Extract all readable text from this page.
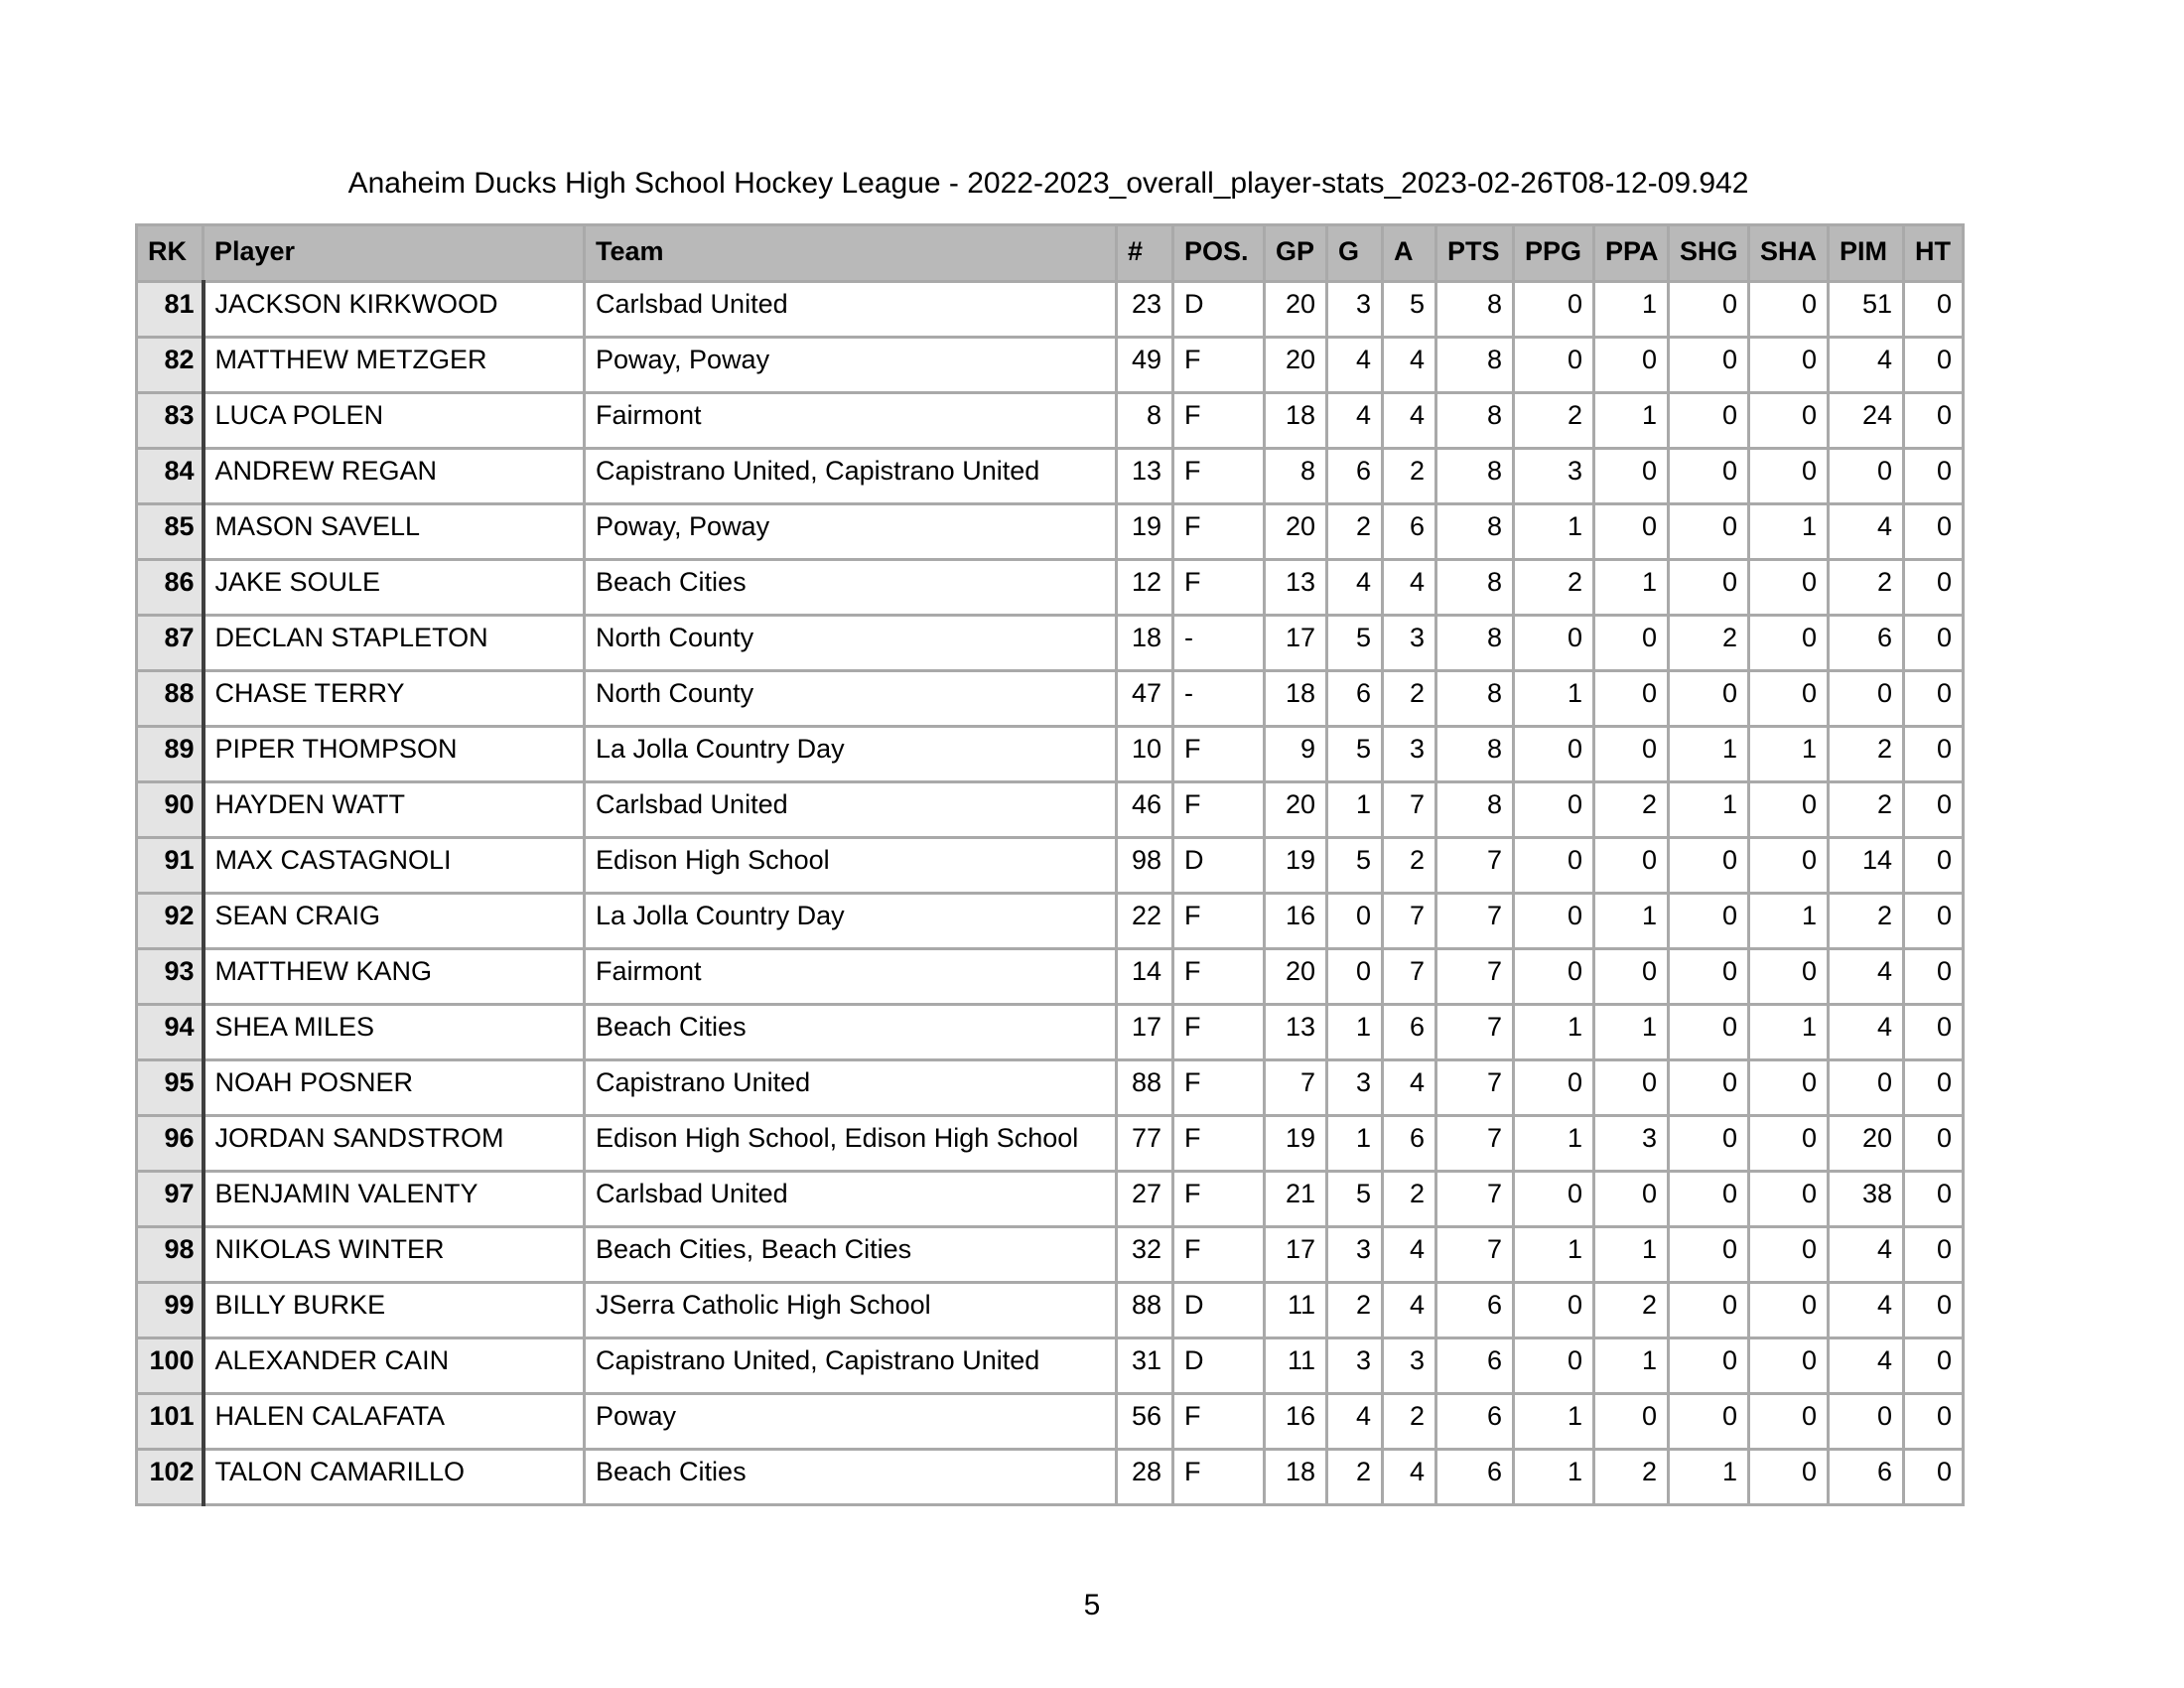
Anaheim Ducks High School Hockey League - 2022-2023_overall_player-stats_2023-02-26T08-12-09.942
RK	Player	Team	#	POS.	GP	G	A	PTS	PPG	PPA	SHG	SHA	PIM	HT
81	JACKSON KIRKWOOD	Carlsbad United	23	D	20	3	5	8	0	1	0	0	51	0
82	MATTHEW METZGER	Poway, Poway	49	F	20	4	4	8	0	0	0	0	4	0
83	LUCA POLEN	Fairmont	8	F	18	4	4	8	2	1	0	0	24	0
84	ANDREW REGAN	Capistrano United, Capistrano United	13	F	8	6	2	8	3	0	0	0	0	0
85	MASON SAVELL	Poway, Poway	19	F	20	2	6	8	1	0	0	1	4	0
86	JAKE SOULE	Beach Cities	12	F	13	4	4	8	2	1	0	0	2	0
87	DECLAN STAPLETON	North County	18	-	17	5	3	8	0	0	2	0	6	0
88	CHASE TERRY	North County	47	-	18	6	2	8	1	0	0	0	0	0
89	PIPER THOMPSON	La Jolla Country Day	10	F	9	5	3	8	0	0	1	1	2	0
90	HAYDEN WATT	Carlsbad United	46	F	20	1	7	8	0	2	1	0	2	0
91	MAX CASTAGNOLI	Edison High School	98	D	19	5	2	7	0	0	0	0	14	0
92	SEAN CRAIG	La Jolla Country Day	22	F	16	0	7	7	0	1	0	1	2	0
93	MATTHEW KANG	Fairmont	14	F	20	0	7	7	0	0	0	0	4	0
94	SHEA MILES	Beach Cities	17	F	13	1	6	7	1	1	0	1	4	0
95	NOAH POSNER	Capistrano United	88	F	7	3	4	7	0	0	0	0	0	0
96	JORDAN SANDSTROM	Edison High School, Edison High School	77	F	19	1	6	7	1	3	0	0	20	0
97	BENJAMIN VALENTY	Carlsbad United	27	F	21	5	2	7	0	0	0	0	38	0
98	NIKOLAS WINTER	Beach Cities, Beach Cities	32	F	17	3	4	7	1	1	0	0	4	0
99	BILLY BURKE	JSerra Catholic High School	88	D	11	2	4	6	0	2	0	0	4	0
100	ALEXANDER CAIN	Capistrano United, Capistrano United	31	D	11	3	3	6	0	1	0	0	4	0
101	HALEN CALAFATA	Poway	56	F	16	4	2	6	1	0	0	0	0	0
102	TALON CAMARILLO	Beach Cities	28	F	18	2	4	6	1	2	1	0	6	0
5
